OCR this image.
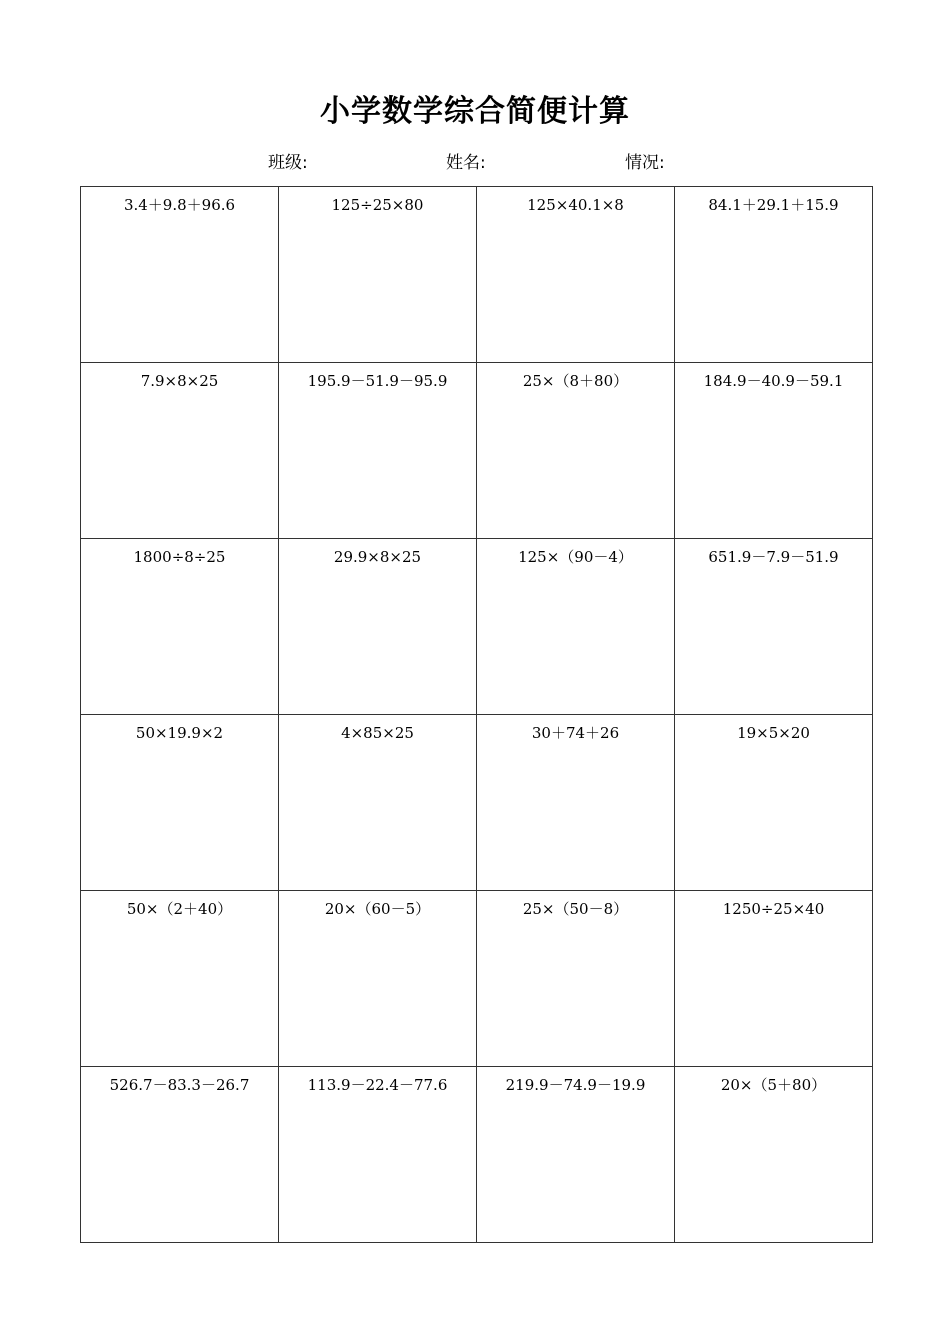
小学数学综合简便计算
班级:	姓名:	情况:
3.4＋9.8＋96.6	125÷25×80	125×40.1×8	84.1＋29.1＋15.9

7.9×8×25	195.9－51.9－95.9	25×（8＋80）	184.9－40.9－59.1

1800÷8÷25	29.9×8×25	125×（90－4）	651.9－7.9－51.9

50×19.9×2	4×85×25	30＋74＋26	19×5×20

50×（2＋40）	20×（60－5）	25×（50－8）	1250÷25×40

526.7－83.3－26.7	113.9－22.4－77.6	219.9－74.9－19.9	20×（5＋80）
